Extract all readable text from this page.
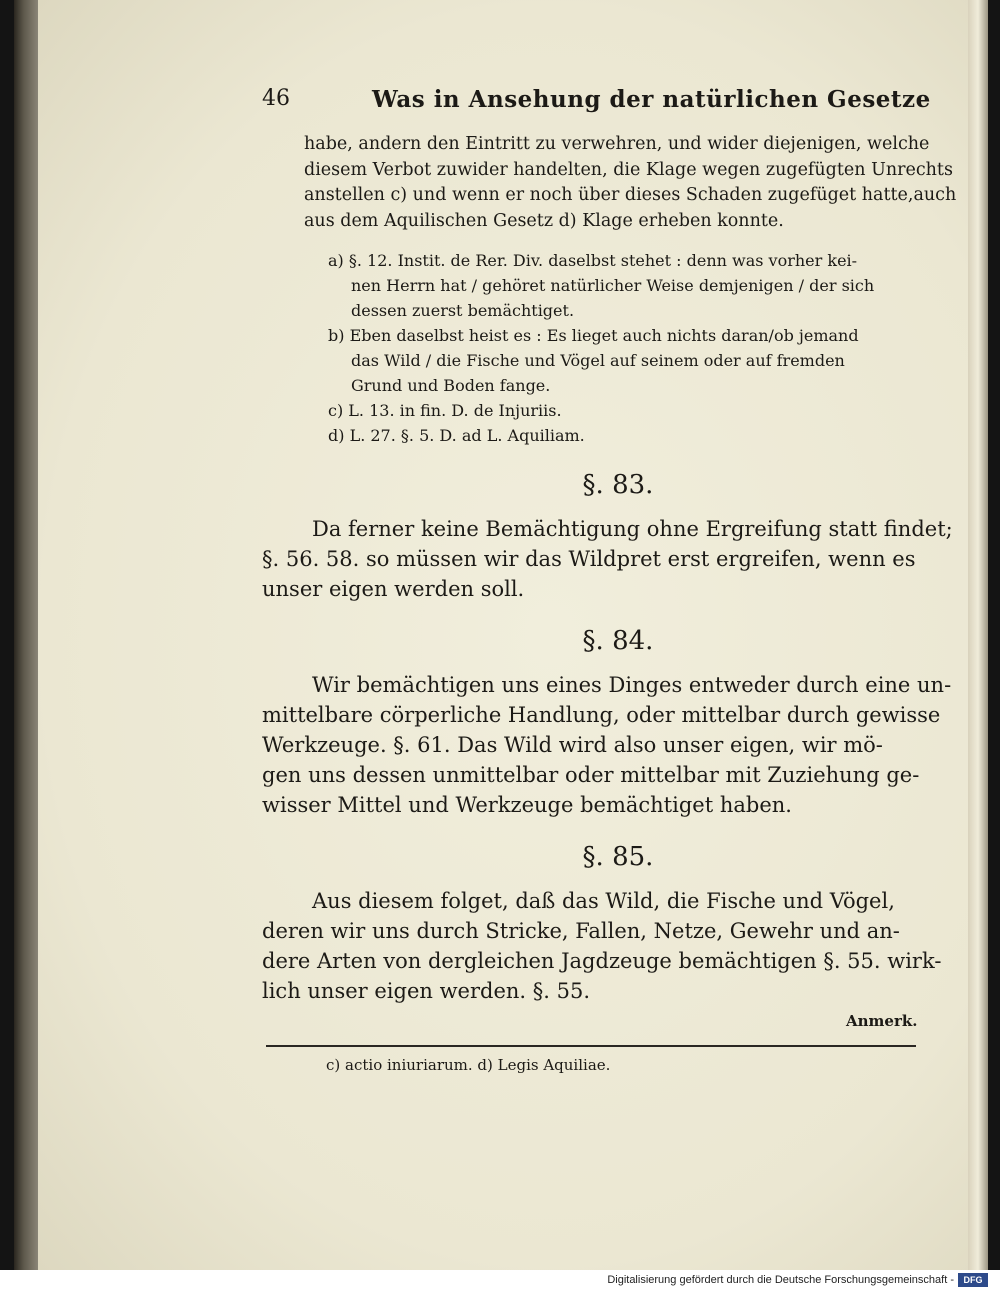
46	Was in Ansehung der natürlichen Gesetze
habe, andern den Eintritt zu verwehren, und wider diejenigen, welche
diesem Verbot zuwider handelten, die Klage wegen zugefügten Unrechts
anstellen c) und wenn er noch über dieses Schaden zugefüget hatte,auch
aus dem Aquilischen Gesetz d) Klage erheben konnte.
a) §. 12. Instit. de Rer. Div. daselbst stehet : denn was vorher kei-
nen Herrn hat / gehöret natürlicher Weise demjenigen / der sich
dessen zuerst bemächtiget.
b) Eben daselbst heist es : Es lieget auch nichts daran/ob jemand
das Wild / die Fische und Vögel auf seinem oder auf fremden
Grund und Boden fange.
c) L. 13. in fin. D. de Injuriis.
d) L. 27. §. 5. D. ad L. Aquiliam.
§. 83.
Da ferner keine Bemächtigung ohne Ergreifung statt findet;
§. 56. 58. so müssen wir das Wildpret erst ergreifen, wenn es
unser eigen werden soll.
§. 84.
Wir bemächtigen uns eines Dinges entweder durch eine un-
mittelbare cörperliche Handlung, oder mittelbar durch gewisse
Werkzeuge. §. 61. Das Wild wird also unser eigen, wir mö-
gen uns dessen unmittelbar oder mittelbar mit Zuziehung ge-
wisser Mittel und Werkzeuge bemächtiget haben.
§. 85.
Aus diesem folget, daß das Wild, die Fische und Vögel,
deren wir uns durch Stricke, Fallen, Netze, Gewehr und an-
dere Arten von dergleichen Jagdzeuge bemächtigen §. 55. wirk-
lich unser eigen werden. §. 55.
Anmerk.
c) actio iniuriarum. d) Legis Aquiliae.
Digitalisierung gefördert durch die Deutsche Forschungsgemeinschaft -	DFG
